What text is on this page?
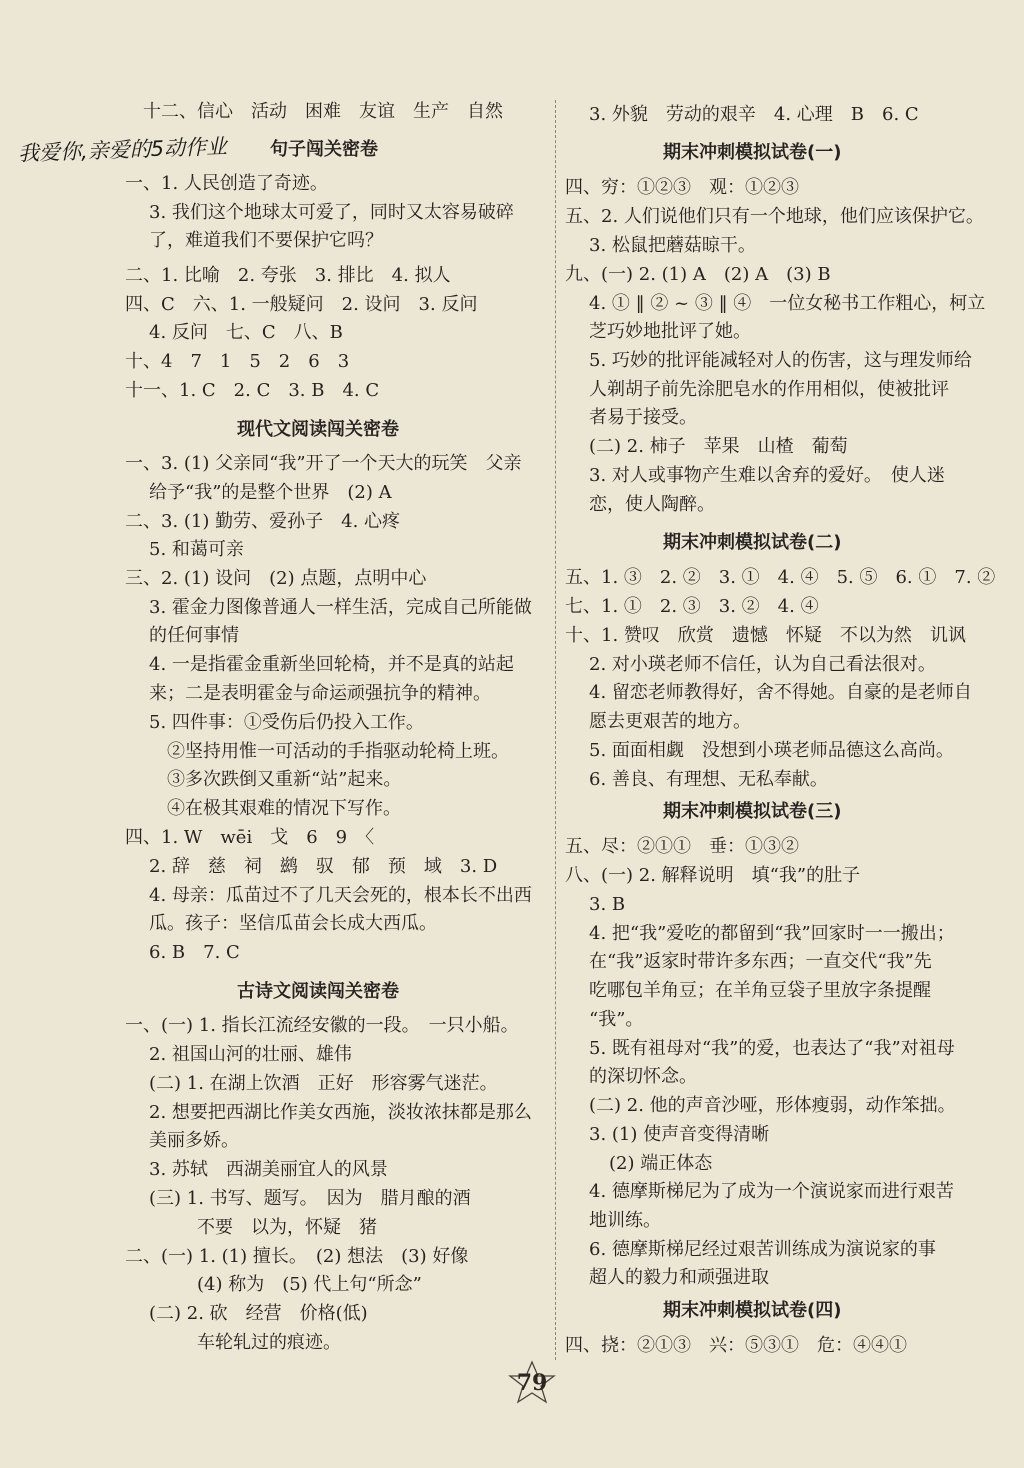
我爱你,亲爱的5动作业
十二、信心　活动　困难　友谊　生产　自然
句子闯关密卷
一、1. 人民创造了奇迹。
3. 我们这个地球太可爱了，同时又太容易破碎
了，难道我们不要保护它吗？
二、1. 比喻　2. 夸张　3. 排比　4. 拟人
四、C　六、1. 一般疑问　2. 设问　3. 反问
4. 反问　七、C　八、B
十、4　7　1　5　2　6　3
十一、1. C　2. C　3. B　4. C
现代文阅读闯关密卷
一、3. (1) 父亲同“我”开了一个天大的玩笑　父亲
给予“我”的是整个世界　(2) A
二、3. (1) 勤劳、爱孙子　4. 心疼
5. 和蔼可亲
三、2. (1) 设问　(2) 点题，点明中心
3. 霍金力图像普通人一样生活，完成自己所能做
的任何事情
4. 一是指霍金重新坐回轮椅，并不是真的站起
来；二是表明霍金与命运顽强抗争的精神。
5. 四件事：①受伤后仍投入工作。
②坚持用惟一可活动的手指驱动轮椅上班。
③多次跌倒又重新“站”起来。
④在极其艰难的情况下写作。
四、1. W　wēi　戈　6　9　〈
2. 辞　慈　祠　鹚　驭　郁　预　域　3. D
4. 母亲：瓜苗过不了几天会死的，根本长不出西
瓜。孩子：坚信瓜苗会长成大西瓜。
6. B　7. C
古诗文阅读闯关密卷
一、(一) 1. 指长江流经安徽的一段。　一只小船。
2. 祖国山河的壮丽、雄伟
(二) 1. 在湖上饮酒　正好　形容雾气迷茫。
2. 想要把西湖比作美女西施，淡妆浓抹都是那么
美丽多娇。
3. 苏轼　西湖美丽宜人的风景
(三) 1. 书写、题写。　因为　腊月酿的酒
不要　以为，怀疑　猪
二、(一) 1. (1) 擅长。　(2) 想法　(3) 好像
(4) 称为　(5) 代上句“所念”
(二) 2. 砍　经营　价格(低)
车轮轧过的痕迹。
3. 外貌　劳动的艰辛　4. 心理　B　6. C
期末冲刺模拟试卷(一)
四、穷：①②③　观：①②③
五、2. 人们说他们只有一个地球，他们应该保护它。
3. 松鼠把蘑菇晾干。
九、(一) 2. (1) A　(2) A　(3) B
4. ① ‖ ② ~ ③ ‖ ④　一位女秘书工作粗心，柯立
芝巧妙地批评了她。
5. 巧妙的批评能减轻对人的伤害，这与理发师给
人剃胡子前先涂肥皂水的作用相似，使被批评
者易于接受。
(二) 2. 柿子　苹果　山楂　葡萄
3. 对人或事物产生难以舍弃的爱好。　使人迷
恋，使人陶醉。
期末冲刺模拟试卷(二)
五、1. ③　2. ②　3. ①　4. ④　5. ⑤　6. ①　7. ②
七、1. ①　2. ③　3. ②　4. ④
十、1. 赞叹　欣赏　遗憾　怀疑　不以为然　讥讽
2. 对小瑛老师不信任，认为自己看法很对。
4. 留恋老师教得好，舍不得她。自豪的是老师自
愿去更艰苦的地方。
5. 面面相觑　没想到小瑛老师品德这么高尚。
6. 善良、有理想、无私奉献。
期末冲刺模拟试卷(三)
五、尽：②①①　垂：①③②
八、(一) 2. 解释说明　填“我”的肚子
3. B
4. 把“我”爱吃的都留到“我”回家时一一搬出；
在“我”返家时带许多东西；一直交代“我”先
吃哪包羊角豆；在羊角豆袋子里放字条提醒
“我”。
5. 既有祖母对“我”的爱，也表达了“我”对祖母
的深切怀念。
(二) 2. 他的声音沙哑，形体瘦弱，动作笨拙。
3. (1) 使声音变得清晰
(2) 端正体态
4. 德摩斯梯尼为了成为一个演说家而进行艰苦
地训练。
6. 德摩斯梯尼经过艰苦训练成为演说家的事
超人的毅力和顽强进取
期末冲刺模拟试卷(四)
四、挠：②①③　兴：⑤③①　危：④④①
79
